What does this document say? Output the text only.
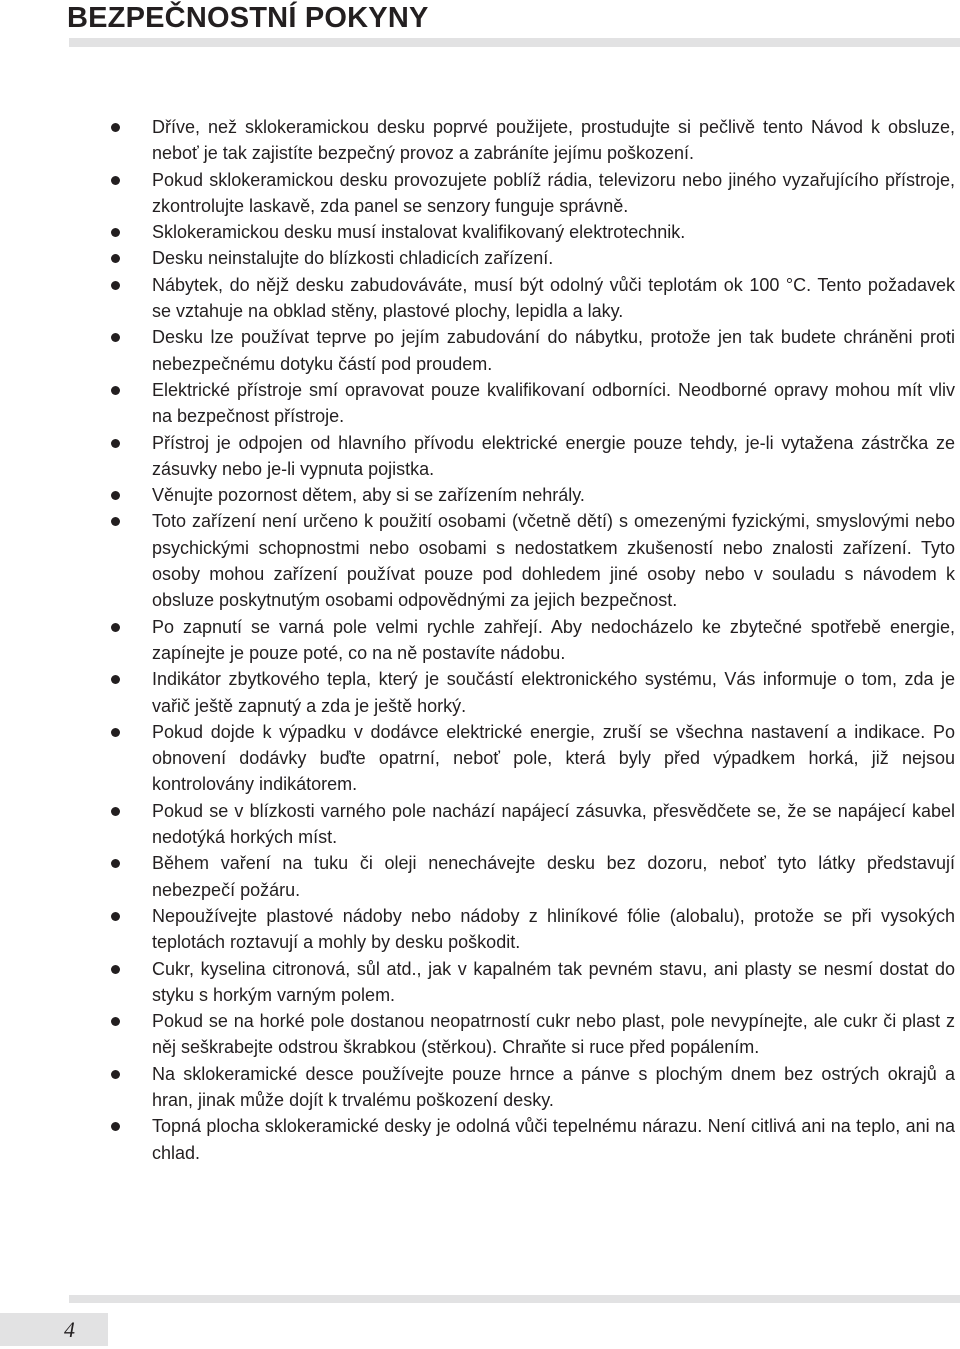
BEZPEČNOSTNÍ POKYNY
Dříve, než sklokeramickou desku poprvé použijete, prostudujte si pečlivě tento Návod k obsluze, neboť je tak zajistíte bezpečný provoz a zabráníte jejímu poškození.
Pokud sklokeramickou desku provozujete poblíž rádia, televizoru nebo jiného vyzařujícího přístroje, zkontrolujte laskavě, zda panel se senzory funguje správně.
Sklokeramickou desku musí instalovat kvalifikovaný elektrotechnik.
Desku neinstalujte do blízkosti chladicích zařízení.
Nábytek, do nějž desku zabudováváte, musí být odolný vůči teplotám ok 100 °C. Tento požadavek se vztahuje na obklad stěny, plastové plochy, lepidla a laky.
Desku lze používat teprve po jejím zabudování do nábytku, protože jen tak budete chráněni proti nebezpečnému dotyku částí pod proudem.
Elektrické přístroje smí opravovat pouze kvalifikovaní odborníci. Neodborné opravy mohou mít vliv na bezpečnost přístroje.
Přístroj je odpojen od hlavního přívodu elektrické energie pouze tehdy, je-li vytažena zástrčka ze zásuvky nebo je-li vypnuta pojistka.
Věnujte pozornost dětem, aby si se zařízením nehrály.
Toto zařízení není určeno k použití osobami (včetně dětí) s omezenými fyzickými, smyslovými nebo psychickými schopnostmi nebo osobami s nedostatkem zkušeností nebo znalosti zařízení. Tyto osoby mohou zařízení používat pouze pod dohledem jiné osoby nebo v souladu s návodem k obsluze poskytnutým osobami odpovědnými za jejich bezpečnost.
Po zapnutí se varná pole velmi rychle zahřejí. Aby nedocházelo ke zbytečné spotřebě energie, zapínejte je pouze poté, co na ně postavíte nádobu.
Indikátor zbytkového tepla, který je součástí elektronického systému, Vás informuje o tom, zda je vařič ještě zapnutý a zda je ještě horký.
Pokud dojde k výpadku v dodávce elektrické energie, zruší se všechna nastavení a indikace. Po obnovení dodávky buďte opatrní, neboť pole, která byly před výpadkem horká, již nejsou kontrolovány indikátorem.
Pokud se v blízkosti varného pole nachází napájecí zásuvka, přesvědčete se, že se napájecí kabel nedotýká horkých míst.
Během vaření na tuku či oleji nenechávejte desku bez dozoru, neboť tyto látky představují nebezpečí požáru.
Nepoužívejte plastové nádoby nebo nádoby z hliníkové fólie (alobalu), protože se při vysokých teplotách roztavují a mohly by desku poškodit.
Cukr, kyselina citronová, sůl atd., jak v kapalném tak pevném stavu, ani plasty se nesmí dostat do styku s horkým varným polem.
Pokud se na horké pole dostanou neopatrností cukr nebo plast, pole nevypínejte, ale cukr či plast z něj seškrabejte odstrou škrabkou (stěrkou). Chraňte si ruce před popálením.
Na sklokeramické desce používejte pouze hrnce a pánve s plochým dnem bez ostrých okrajů a hran, jinak může dojít k trvalému poškození desky.
Topná plocha sklokeramické desky je odolná vůči tepelnému nárazu. Není citlivá ani na teplo, ani na chlad.
4
